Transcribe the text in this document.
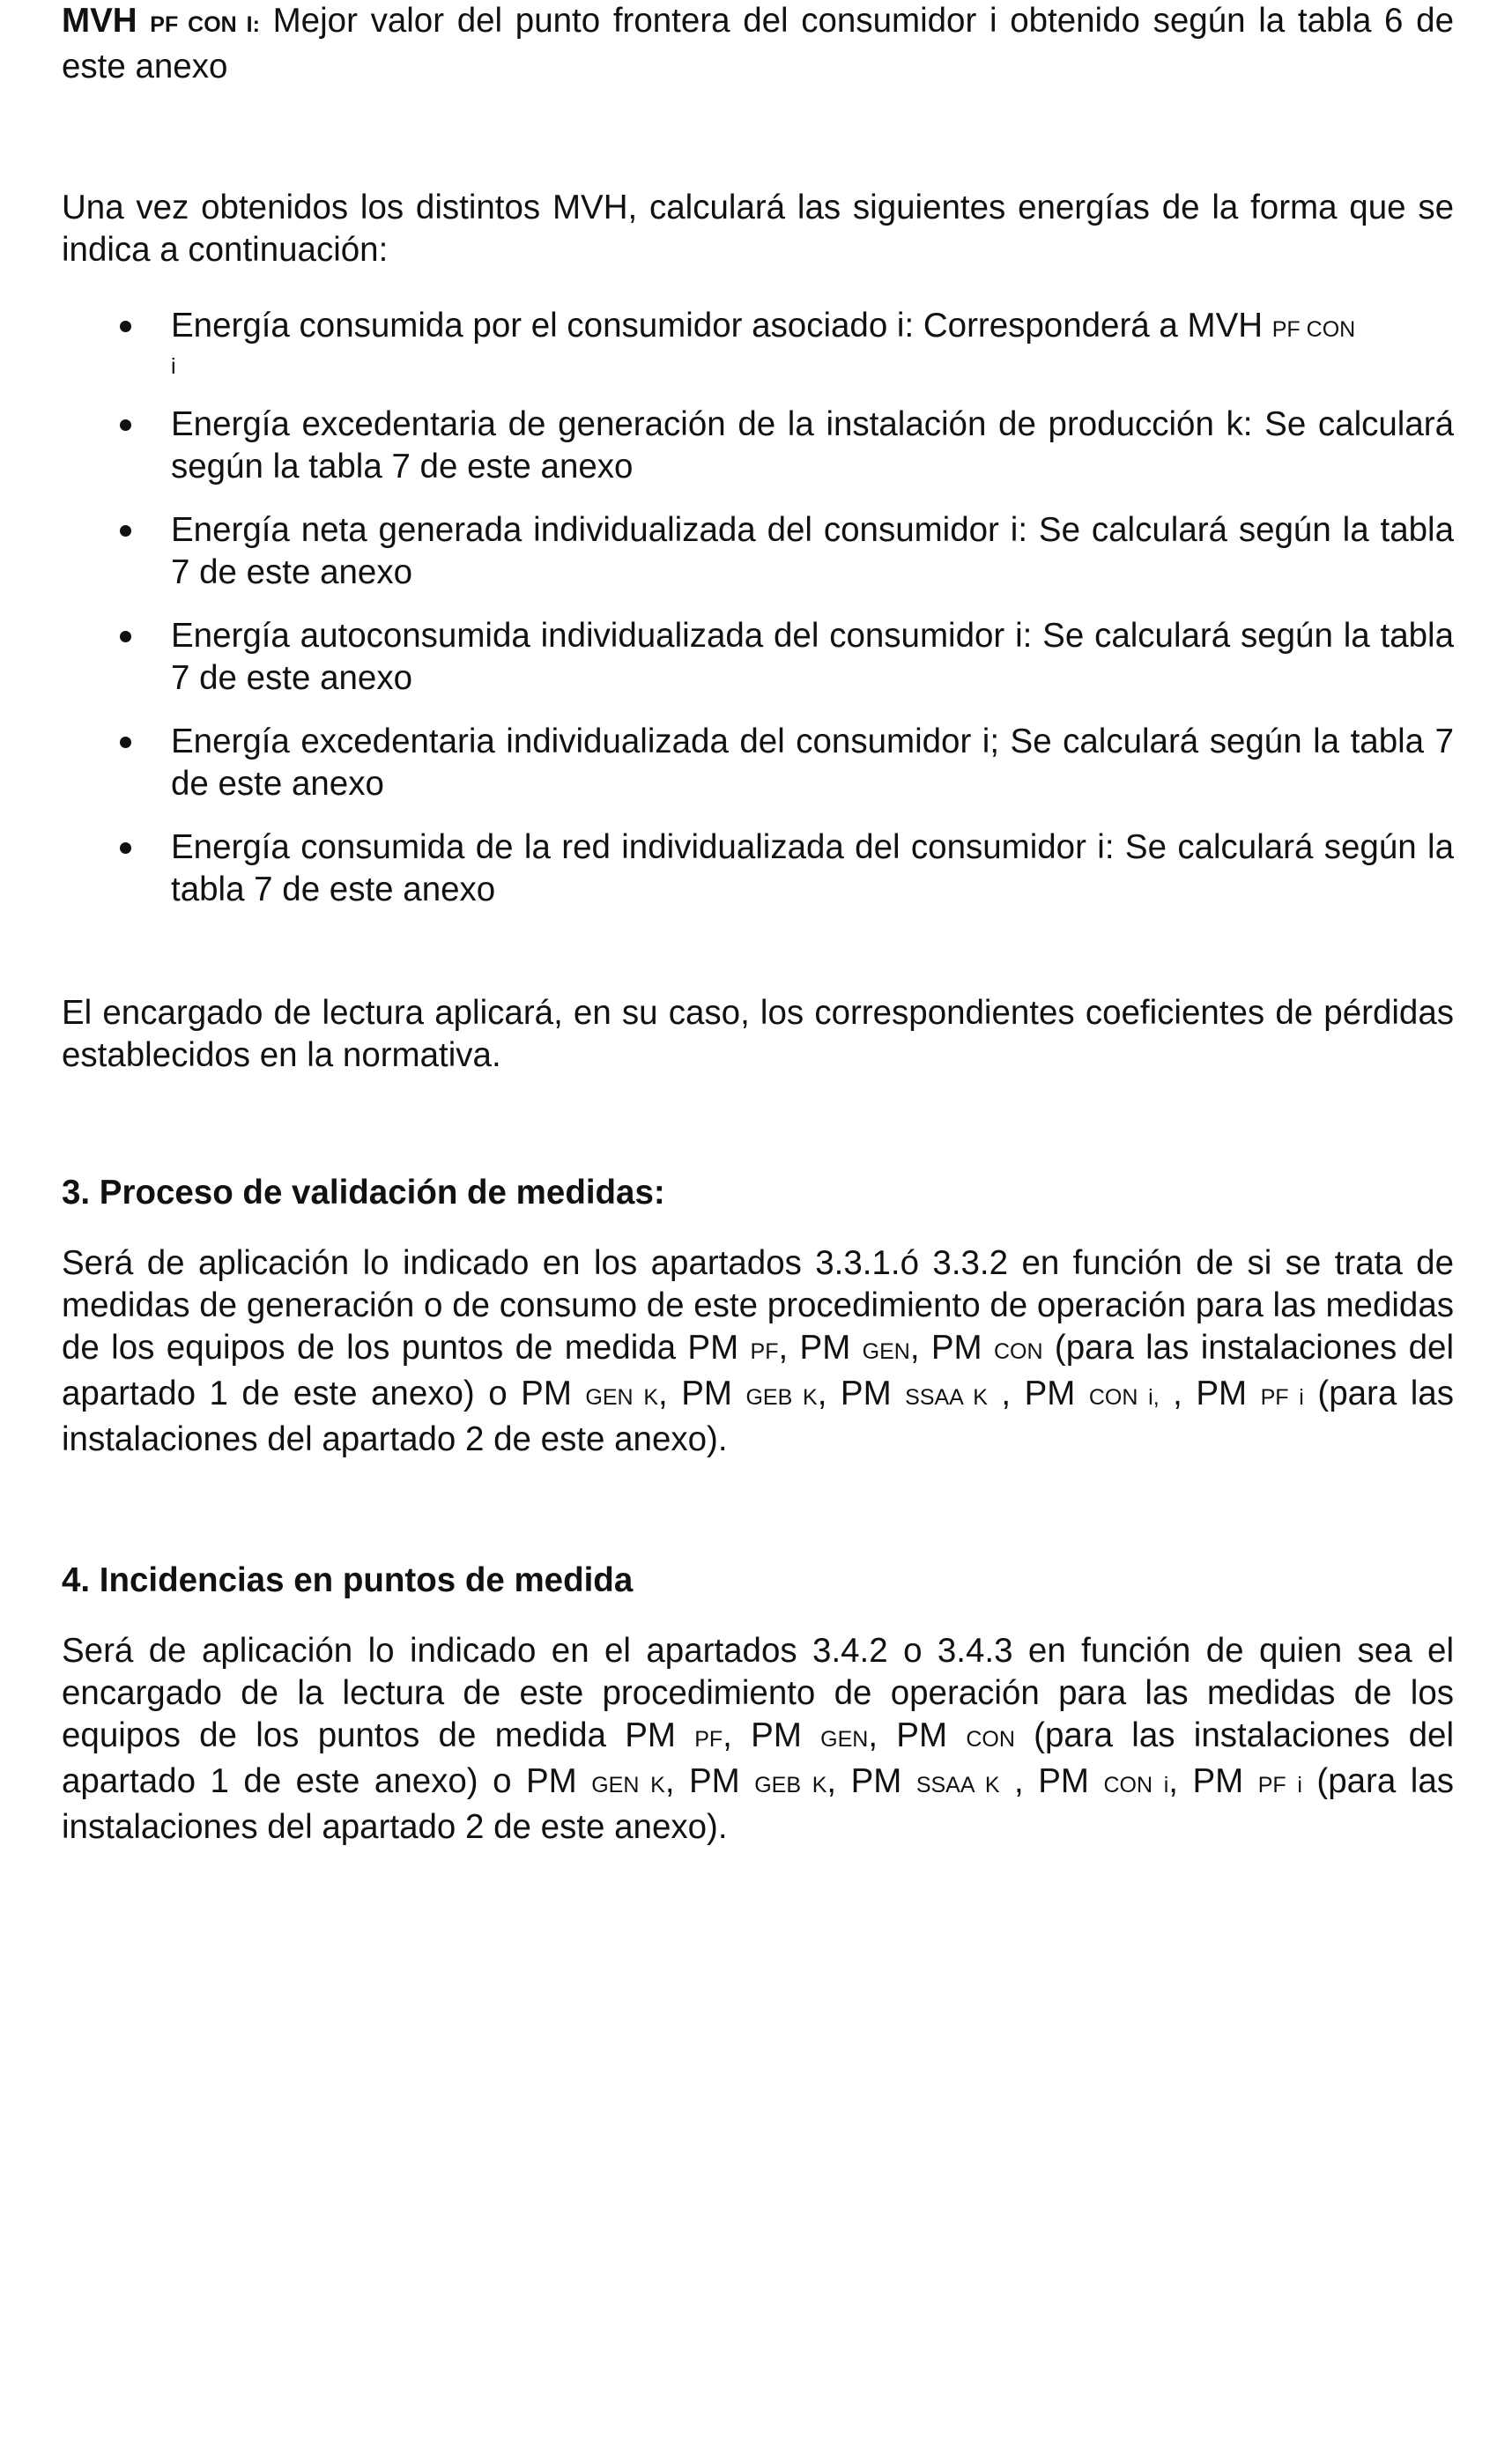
MVH PF CON I: Mejor valor del punto frontera del consumidor i obtenido según la tabla 6 de este anexo

Una vez obtenidos los distintos MVH, calculará las siguientes energías de la forma que se indica a continuación:

Energía consumida por el consumidor asociado i: Corresponderá a MVH PF CON
i
Energía excedentaria de generación de la instalación de producción k: Se calculará según la tabla 7 de este anexo
Energía neta generada individualizada del consumidor i: Se calculará según la tabla 7 de este anexo
Energía autoconsumida individualizada del consumidor i: Se calculará según la tabla 7 de este anexo
Energía excedentaria individualizada del consumidor i; Se calculará según la tabla 7 de este anexo
Energía consumida de la red individualizada del consumidor i: Se calculará según la tabla 7 de este anexo

El encargado de lectura aplicará, en su caso, los correspondientes coeficientes de pérdidas establecidos en la normativa.

3. Proceso de validación de medidas:

Será de aplicación lo indicado en los apartados 3.3.1.ó 3.3.2 en función de si se trata de medidas de generación o de consumo de este procedimiento de operación para las medidas de los equipos de los puntos de medida PM PF, PM GEN, PM CON (para las instalaciones del apartado 1 de este anexo) o PM GEN K, PM GEB K, PM SSAA K , PM CON i, , PM PF i (para las instalaciones del apartado 2 de este anexo).

4. Incidencias en puntos de medida

Será de aplicación lo indicado en el apartados 3.4.2 o 3.4.3 en función de quien sea el encargado de la lectura de este procedimiento de operación para las medidas de los equipos de los puntos de medida PM PF, PM GEN, PM CON (para las instalaciones del apartado 1 de este anexo) o PM GEN K, PM GEB K, PM SSAA K , PM CON i, PM PF i (para las instalaciones del apartado 2 de este anexo).
